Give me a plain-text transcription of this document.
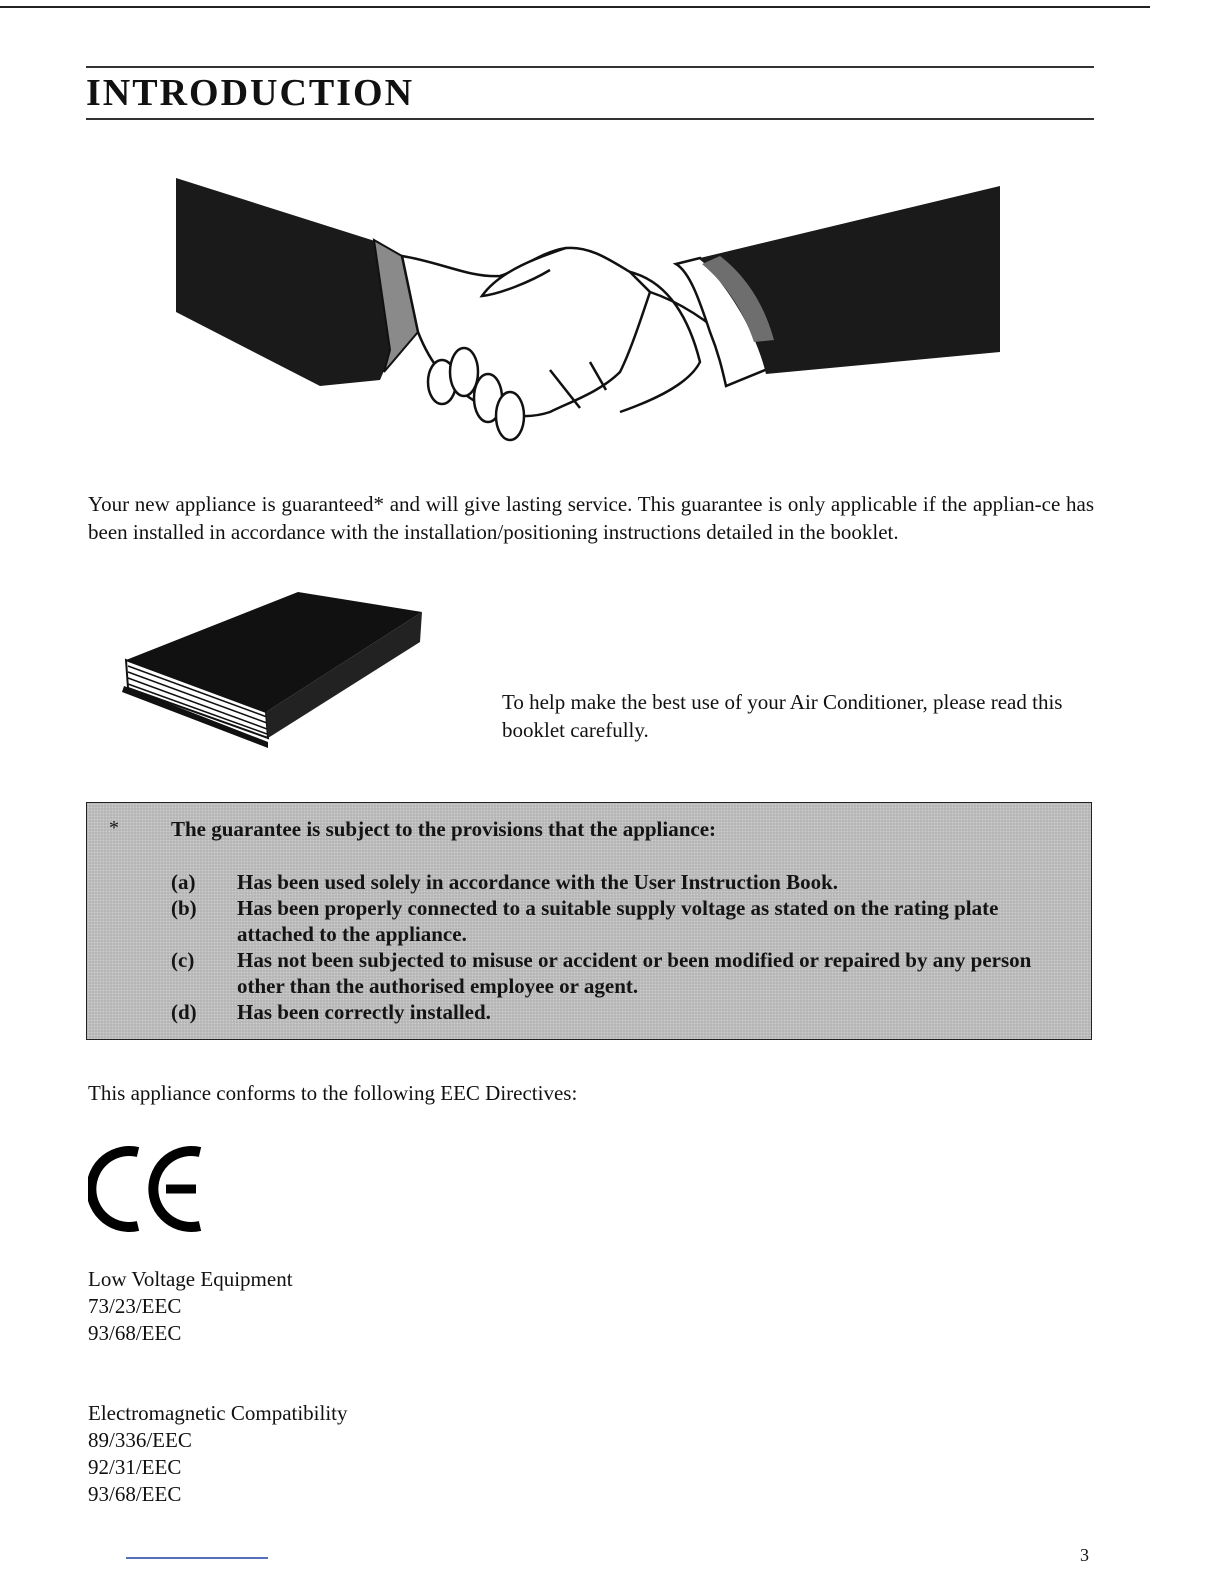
INTRODUCTION

Your new appliance is guaranteed* and will give lasting service. This guarantee is only applicable if the applian-ce has been installed in accordance with the installation/positioning instructions detailed in the booklet.

To help make the best use of your Air Conditioner, please read this booklet carefully.

* The guarantee is subject to the provisions that the appliance:
(a)	Has been used solely in accordance with the User Instruction Book.
(b)	Has been properly connected to a suitable supply voltage as stated on the rating plate attached to the appliance.
(c)	Has not been subjected to misuse or accident or been modified or repaired by any person other than the authorised employee or agent.
(d)	Has been correctly installed.

This appliance conforms to the following EEC Directives:

Low Voltage Equipment
73/23/EEC
93/68/EEC
Electromagnetic Compatibility
89/336/EEC
92/31/EEC
93/68/EEC
3
